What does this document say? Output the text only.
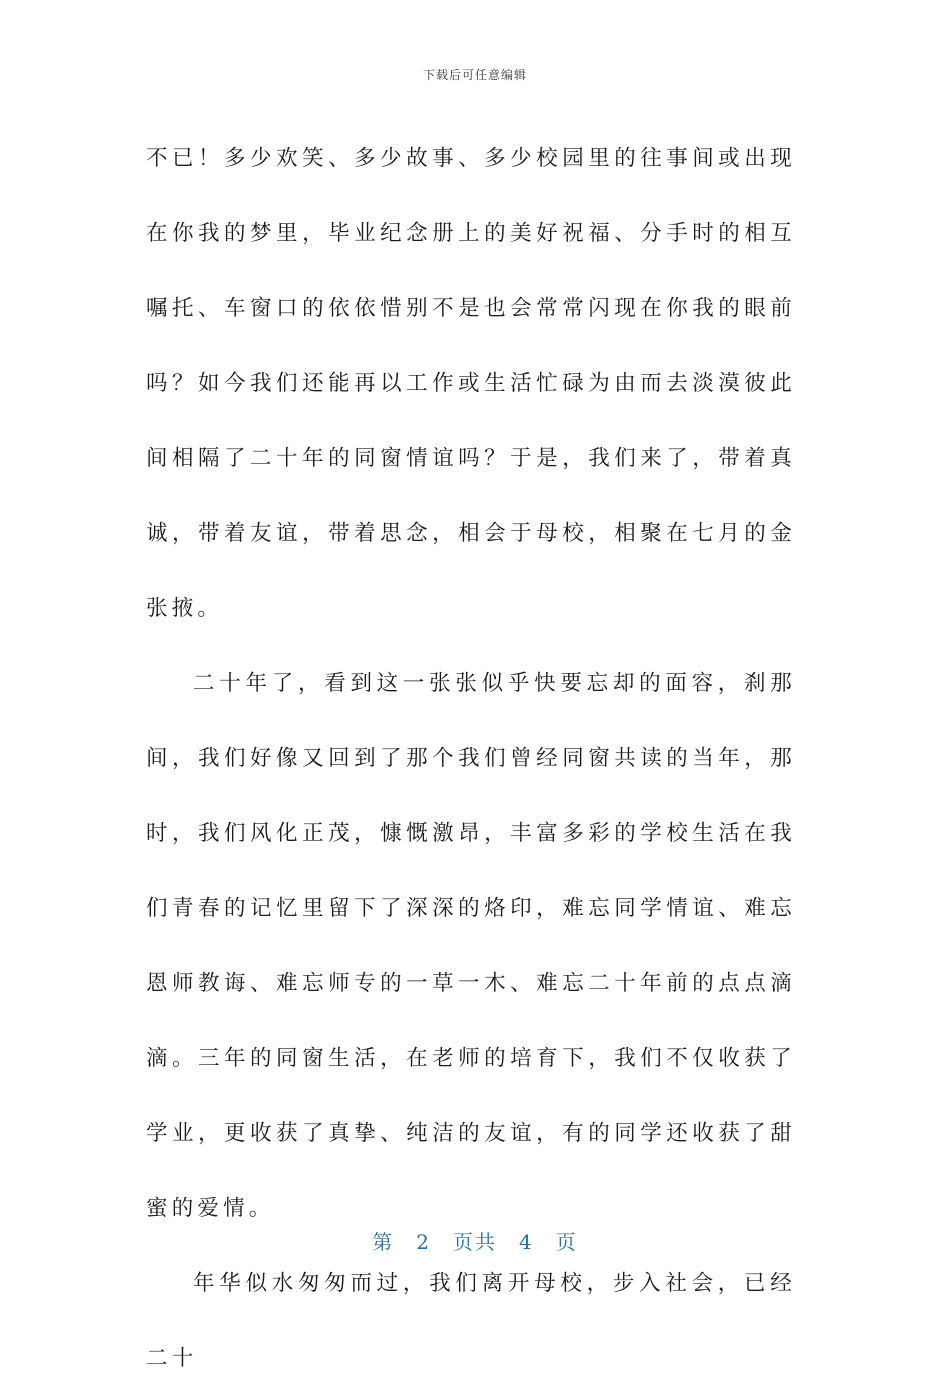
下载后可任意编辑

不已！多少欢笑、多少故事、多少校园里的往事间或出现在你我的梦里，毕业纪念册上的美好祝福、分手时的相互嘱托、车窗口的依依惜别不是也会常常闪现在你我的眼前吗？如今我们还能再以工作或生活忙碌为由而去淡漠彼此间相隔了二十年的同窗情谊吗？于是，我们来了，带着真诚，带着友谊，带着思念，相会于母校，相聚在七月的金张掖。

二十年了，看到这一张张似乎快要忘却的面容，刹那间，我们好像又回到了那个我们曾经同窗共读的当年，那时，我们风化正茂，慷慨激昂，丰富多彩的学校生活在我们青春的记忆里留下了深深的烙印，难忘同学情谊、难忘恩师教诲、难忘师专的一草一木、难忘二十年前的点点滴滴。三年的同窗生活，在老师的培育下，我们不仅收获了学业，更收获了真挚、纯洁的友谊，有的同学还收获了甜蜜的爱情。

年华似水匆匆而过，我们离开母校，步入社会，已经二十

第 2 页共 4 页
